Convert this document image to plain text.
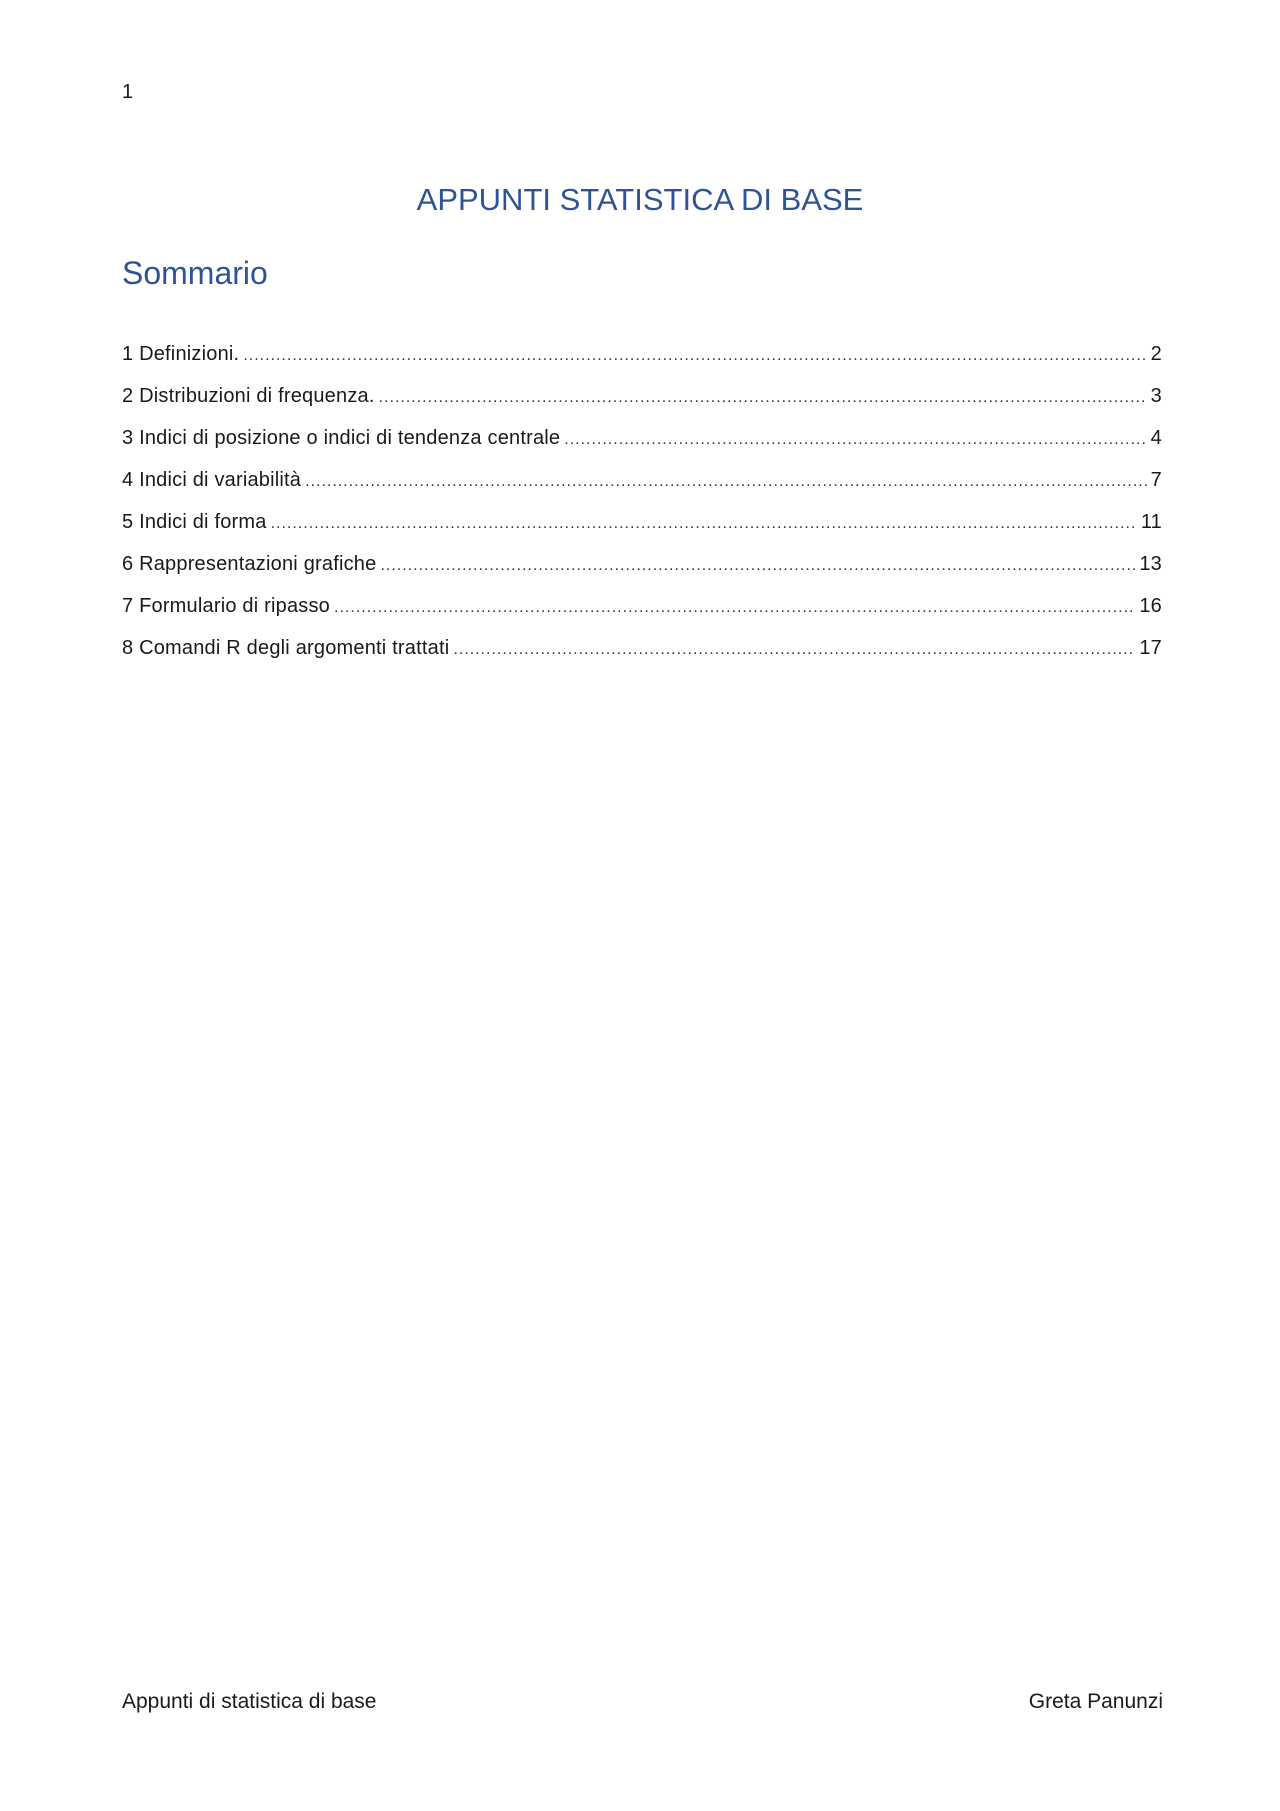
1
APPUNTI STATISTICA DI BASE
Sommario
1 Definizioni. .....	2
2 Distribuzioni di frequenza. .....	3
3 Indici di posizione o indici di tendenza centrale .....	4
4 Indici di variabilità .....	7
5 Indici di forma .....	11
6 Rappresentazioni grafiche .....	13
7 Formulario di ripasso .....	16
8 Comandi R degli argomenti trattati .....	17
Appunti di statistica di base	Greta Panunzi
